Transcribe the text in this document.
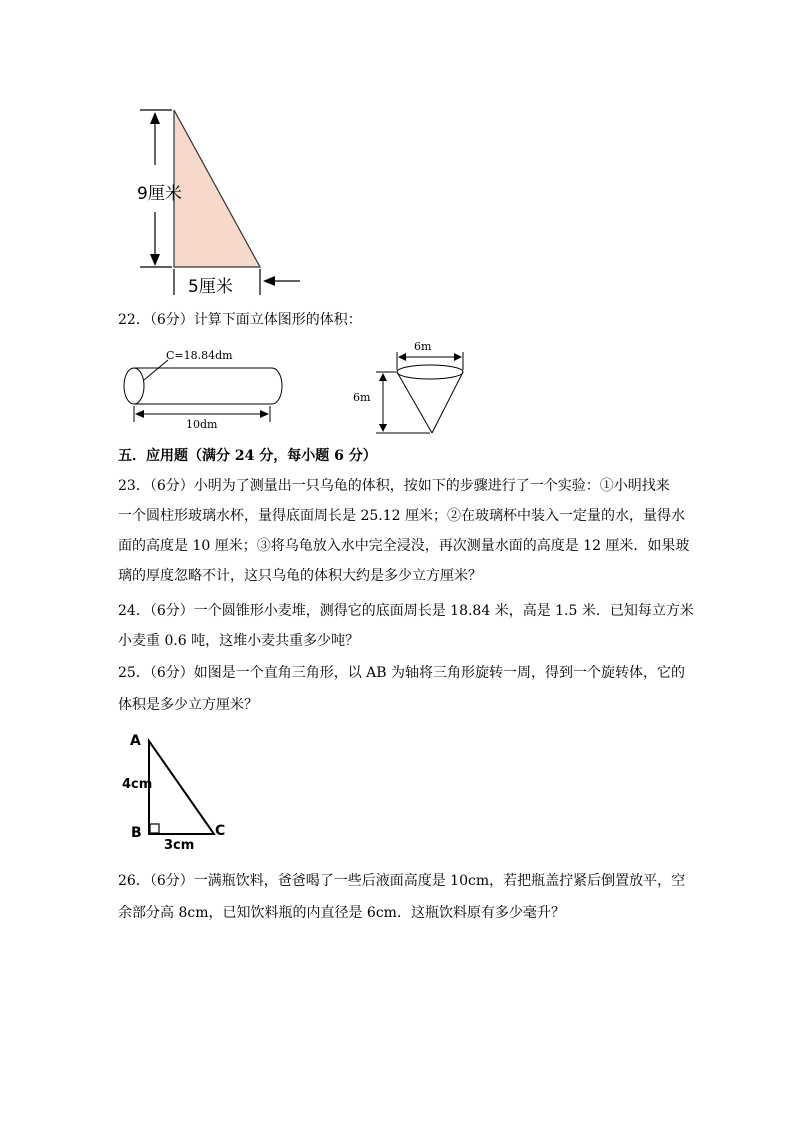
9厘米
5厘米
22．（6分）计算下面立体图形的体积：
C=18.84dm
10dm
6m
6m
五．应用题（满分 24 分，每小题 6 分）
23．（6分）小明为了测量出一只乌龟的体积，按如下的步骤进行了一个实验：①小明找来
一个圆柱形玻璃水杯，量得底面周长是 25.12 厘米；②在玻璃杯中装入一定量的水，量得水
面的高度是 10 厘米；③将乌龟放入水中完全浸没，再次测量水面的高度是 12 厘米．如果玻
璃的厚度忽略不计，这只乌龟的体积大约是多少立方厘米？
24．（6分）一个圆锥形小麦堆，测得它的底面周长是 18.84 米，高是 1.5 米．已知每立方米
小麦重 0.6 吨，这堆小麦共重多少吨？
25．（6分）如图是一个直角三角形，以 AB 为轴将三角形旋转一周，得到一个旋转体，它的
体积是多少立方厘米？
A
B	C
4cm
3cm
26．（6分）一满瓶饮料，爸爸喝了一些后液面高度是 10cm，若把瓶盖拧紧后倒置放平，空
余部分高 8cm，已知饮料瓶的内直径是 6cm．这瓶饮料原有多少毫升？
